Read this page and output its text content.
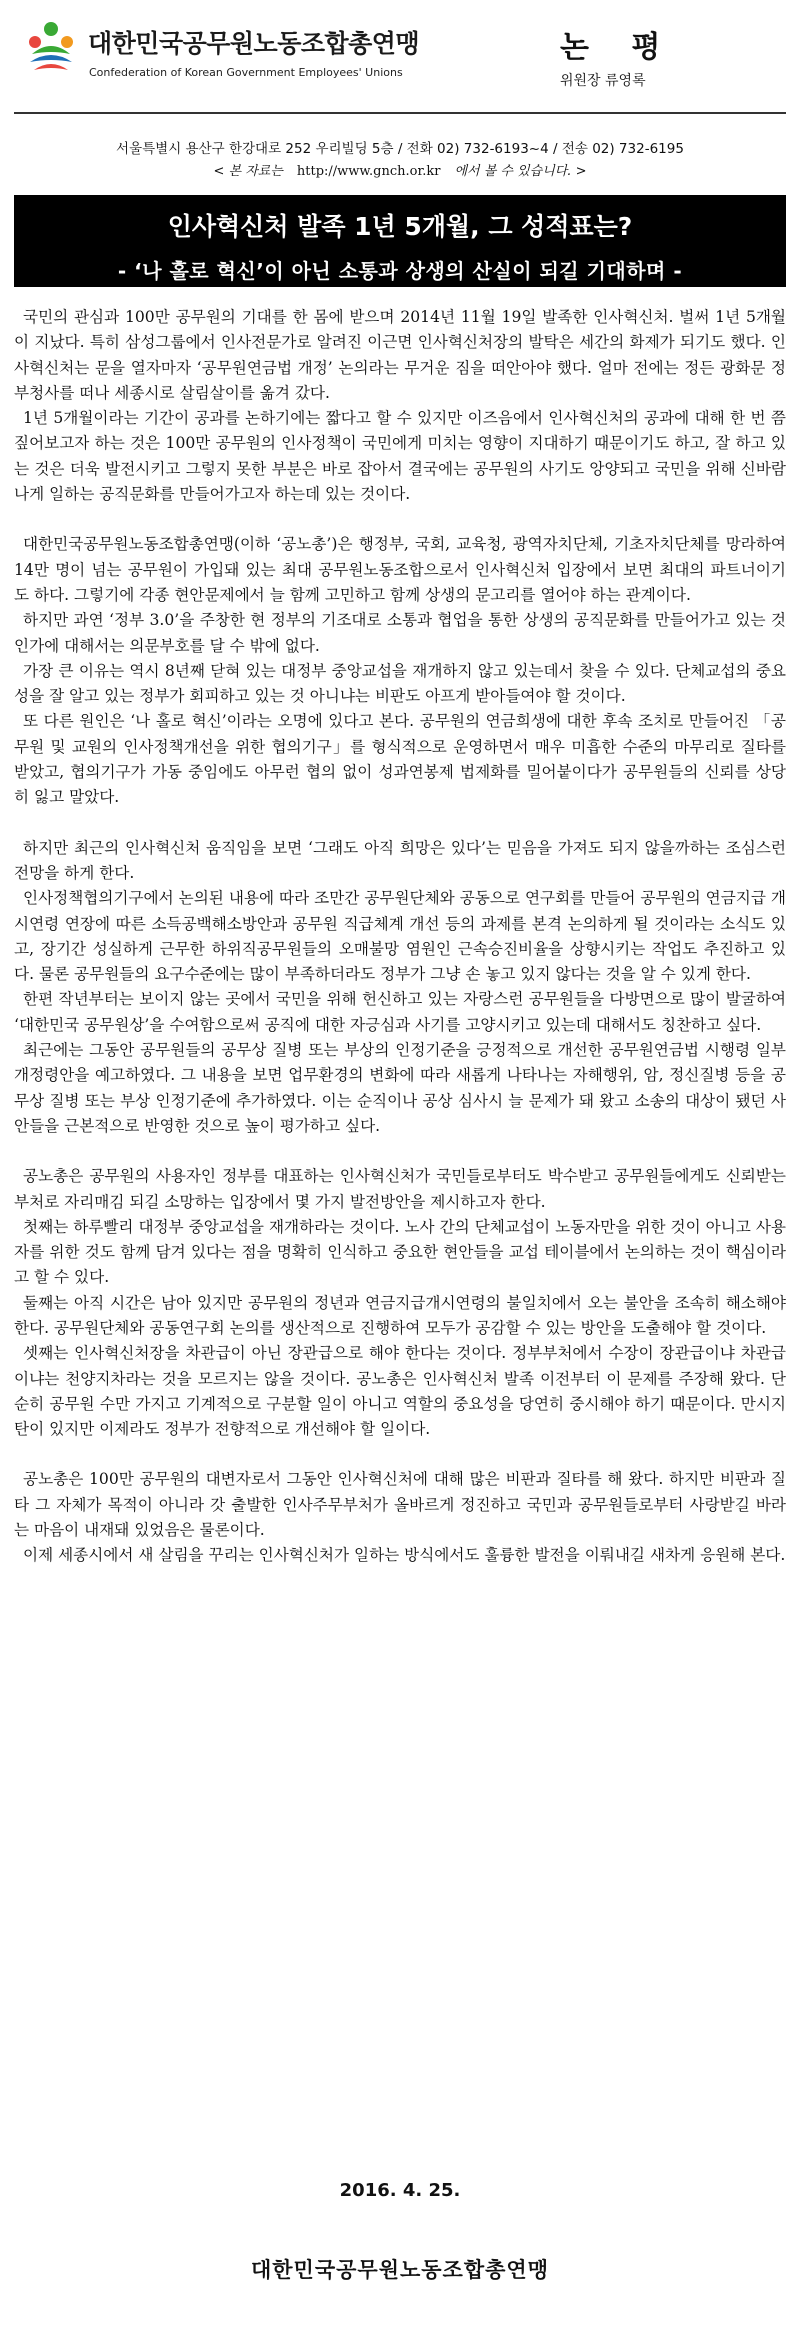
대한민국공무원노동조합총연맹
Confederation of Korean Government Employees' Unions
논 평
위원장 류영록
서울특별시 용산구 한강대로 252 우리빌딩 5층 / 전화 02) 732-6193~4 / 전송 02) 732-6195
< 본 자료는 http://www.gnch.or.kr 에서 볼 수 있습니다. >
인사혁신처 발족 1년 5개월, 그 성적표는?
- ‘나 홀로 혁신’이 아닌 소통과 상생의 산실이 되길 기대하며 -

국민의 관심과 100만 공무원의 기대를 한 몸에 받으며 2014년 11월 19일 발족한 인사혁신처. 벌써 1년 5개월이 지났다. 특히 삼성그룹에서 인사전문가로 알려진 이근면 인사혁신처장의 발탁은 세간의 화제가 되기도 했다. 인사혁신처는 문을 열자마자 ‘공무원연금법 개정’ 논의라는 무거운 짐을 떠안아야 했다. 얼마 전에는 정든 광화문 정부청사를 떠나 세종시로 살림살이를 옮겨 갔다.

1년 5개월이라는 기간이 공과를 논하기에는 짧다고 할 수 있지만 이즈음에서 인사혁신처의 공과에 대해 한 번 쯤 짚어보고자 하는 것은 100만 공무원의 인사정책이 국민에게 미치는 영향이 지대하기 때문이기도 하고, 잘 하고 있는 것은 더욱 발전시키고 그렇지 못한 부분은 바로 잡아서 결국에는 공무원의 사기도 앙양되고 국민을 위해 신바람 나게 일하는 공직문화를 만들어가고자 하는데 있는 것이다.

대한민국공무원노동조합총연맹(이하 ‘공노총’)은 행정부, 국회, 교육청, 광역자치단체, 기초자치단체를 망라하여 14만 명이 넘는 공무원이 가입돼 있는 최대 공무원노동조합으로서 인사혁신처 입장에서 보면 최대의 파트너이기도 하다. 그렇기에 각종 현안문제에서 늘 함께 고민하고 함께 상생의 문고리를 열어야 하는 관계이다.

하지만 과연 ‘정부 3.0’을 주창한 현 정부의 기조대로 소통과 협업을 통한 상생의 공직문화를 만들어가고 있는 것인가에 대해서는 의문부호를 달 수 밖에 없다.

가장 큰 이유는 역시 8년째 닫혀 있는 대정부 중앙교섭을 재개하지 않고 있는데서 찾을 수 있다. 단체교섭의 중요성을 잘 알고 있는 정부가 회피하고 있는 것 아니냐는 비판도 아프게 받아들여야 할 것이다.

또 다른 원인은 ‘나 홀로 혁신’이라는 오명에 있다고 본다. 공무원의 연금희생에 대한 후속 조치로 만들어진 「공무원 및 교원의 인사정책개선을 위한 협의기구」를 형식적으로 운영하면서 매우 미흡한 수준의 마무리로 질타를 받았고, 협의기구가 가동 중임에도 아무런 협의 없이 성과연봉제 법제화를 밀어붙이다가 공무원들의 신뢰를 상당히 잃고 말았다.

하지만 최근의 인사혁신처 움직임을 보면 ‘그래도 아직 희망은 있다’는 믿음을 가져도 되지 않을까하는 조심스런 전망을 하게 한다.

인사정책협의기구에서 논의된 내용에 따라 조만간 공무원단체와 공동으로 연구회를 만들어 공무원의 연금지급 개시연령 연장에 따른 소득공백해소방안과 공무원 직급체계 개선 등의 과제를 본격 논의하게 될 것이라는 소식도 있고, 장기간 성실하게 근무한 하위직공무원들의 오매불망 염원인 근속승진비율을 상향시키는 작업도 추진하고 있다. 물론 공무원들의 요구수준에는 많이 부족하더라도 정부가 그냥 손 놓고 있지 않다는 것을 알 수 있게 한다.

한편 작년부터는 보이지 않는 곳에서 국민을 위해 헌신하고 있는 자랑스런 공무원들을 다방면으로 많이 발굴하여 ‘대한민국 공무원상’을 수여함으로써 공직에 대한 자긍심과 사기를 고양시키고 있는데 대해서도 칭찬하고 싶다.

최근에는 그동안 공무원들의 공무상 질병 또는 부상의 인정기준을 긍정적으로 개선한 공무원연금법 시행령 일부개정령안을 예고하였다. 그 내용을 보면 업무환경의 변화에 따라 새롭게 나타나는 자해행위, 암, 정신질병 등을 공무상 질병 또는 부상 인정기준에 추가하였다. 이는 순직이나 공상 심사시 늘 문제가 돼 왔고 소송의 대상이 됐던 사안들을 근본적으로 반영한 것으로 높이 평가하고 싶다.

공노총은 공무원의 사용자인 정부를 대표하는 인사혁신처가 국민들로부터도 박수받고 공무원들에게도 신뢰받는 부처로 자리매김 되길 소망하는 입장에서 몇 가지 발전방안을 제시하고자 한다.

첫째는 하루빨리 대정부 중앙교섭을 재개하라는 것이다. 노사 간의 단체교섭이 노동자만을 위한 것이 아니고 사용자를 위한 것도 함께 담겨 있다는 점을 명확히 인식하고 중요한 현안들을 교섭 테이블에서 논의하는 것이 핵심이라고 할 수 있다.

둘째는 아직 시간은 남아 있지만 공무원의 정년과 연금지급개시연령의 불일치에서 오는 불안을 조속히 해소해야 한다. 공무원단체와 공동연구회 논의를 생산적으로 진행하여 모두가 공감할 수 있는 방안을 도출해야 할 것이다.

셋째는 인사혁신처장을 차관급이 아닌 장관급으로 해야 한다는 것이다. 정부부처에서 수장이 장관급이냐 차관급이냐는 천양지차라는 것을 모르지는 않을 것이다. 공노총은 인사혁신처 발족 이전부터 이 문제를 주장해 왔다. 단순히 공무원 수만 가지고 기계적으로 구분할 일이 아니고 역할의 중요성을 당연히 중시해야 하기 때문이다. 만시지탄이 있지만 이제라도 정부가 전향적으로 개선해야 할 일이다.

공노총은 100만 공무원의 대변자로서 그동안 인사혁신처에 대해 많은 비판과 질타를 해 왔다. 하지만 비판과 질타 그 자체가 목적이 아니라 갓 출발한 인사주무부처가 올바르게 정진하고 국민과 공무원들로부터 사랑받길 바라는 마음이 내재돼 있었음은 물론이다.

이제 세종시에서 새 살림을 꾸리는 인사혁신처가 일하는 방식에서도 훌륭한 발전을 이뤄내길 새차게 응원해 본다.

2016. 4. 25.
대한민국공무원노동조합총연맹
